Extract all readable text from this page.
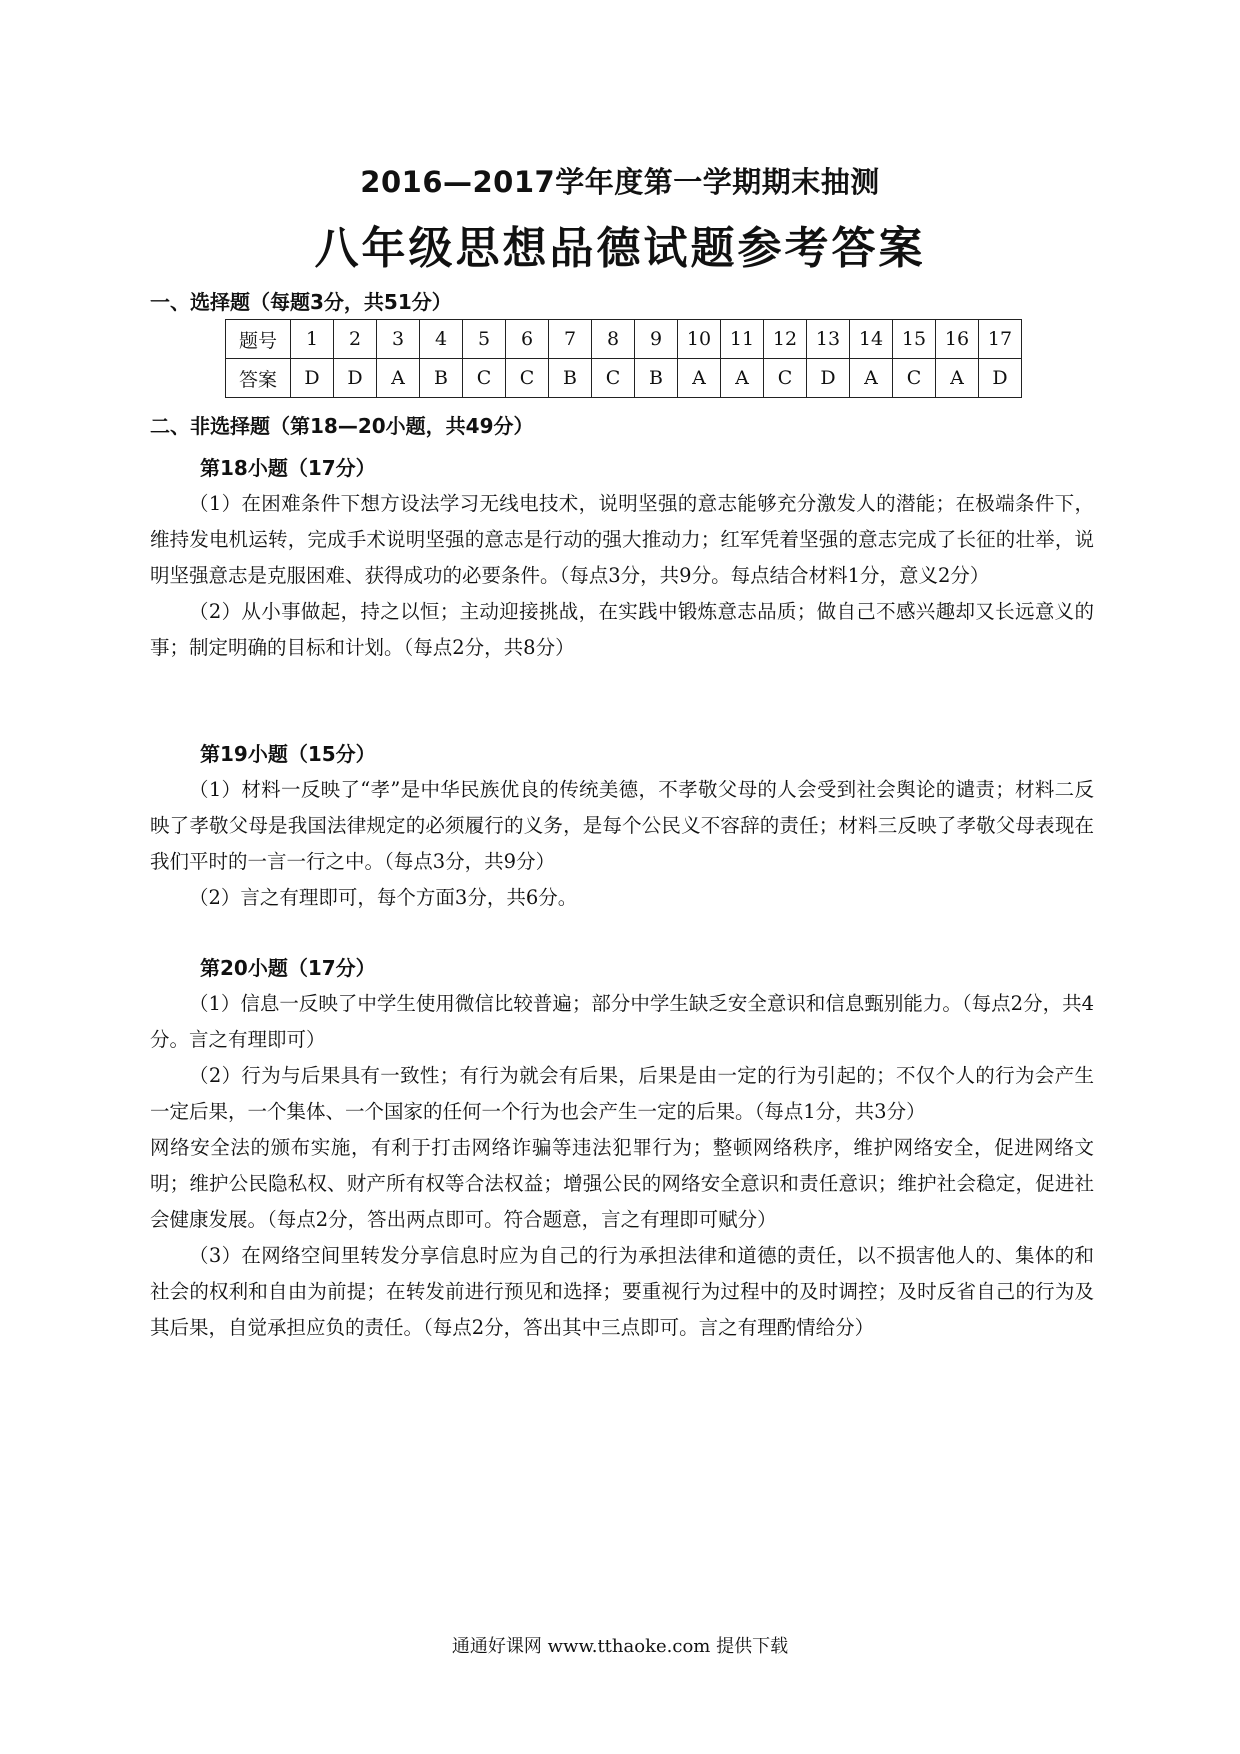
2016—2017学年度第一学期期末抽测
八年级思想品德试题参考答案
一、选择题（每题3分，共51分）
题号	1	2	3	4	5	6	7	8	9	10	11	12	13	14	15	16	17
答案	D	D	A	B	C	C	B	C	B	A	A	C	D	A	C	A	D
二、非选择题（第18—20小题，共49分）
第18小题（17分）

（1）在困难条件下想方设法学习无线电技术，说明坚强的意志能够充分激发人的潜能；在极端条件下，维持发电机运转，完成手术说明坚强的意志是行动的强大推动力；红军凭着坚强的意志完成了长征的壮举，说明坚强意志是克服困难、获得成功的必要条件。（每点3分，共9分。每点结合材料1分，意义2分）

（2）从小事做起，持之以恒；主动迎接挑战，在实践中锻炼意志品质；做自己不感兴趣却又长远意义的事；制定明确的目标和计划。（每点2分，共8分）

第19小题（15分）

（1）材料一反映了“孝”是中华民族优良的传统美德，不孝敬父母的人会受到社会舆论的谴责；材料二反映了孝敬父母是我国法律规定的必须履行的义务，是每个公民义不容辞的责任；材料三反映了孝敬父母表现在我们平时的一言一行之中。（每点3分，共9分）

（2）言之有理即可，每个方面3分，共6分。

第20小题（17分）

（1）信息一反映了中学生使用微信比较普遍；部分中学生缺乏安全意识和信息甄别能力。（每点2分，共4分。言之有理即可）

（2）行为与后果具有一致性；有行为就会有后果，后果是由一定的行为引起的；不仅个人的行为会产生一定后果，一个集体、一个国家的任何一个行为也会产生一定的后果。（每点1分，共3分）

网络安全法的颁布实施，有利于打击网络诈骗等违法犯罪行为；整顿网络秩序，维护网络安全，促进网络文明；维护公民隐私权、财产所有权等合法权益；增强公民的网络安全意识和责任意识；维护社会稳定，促进社会健康发展。（每点2分，答出两点即可。符合题意，言之有理即可赋分）

（3）在网络空间里转发分享信息时应为自己的行为承担法律和道德的责任，以不损害他人的、集体的和社会的权利和自由为前提；在转发前进行预见和选择；要重视行为过程中的及时调控；及时反省自己的行为及其后果，自觉承担应负的责任。（每点2分，答出其中三点即可。言之有理酌情给分）

通通好课网 www.tthaoke.com 提供下载
